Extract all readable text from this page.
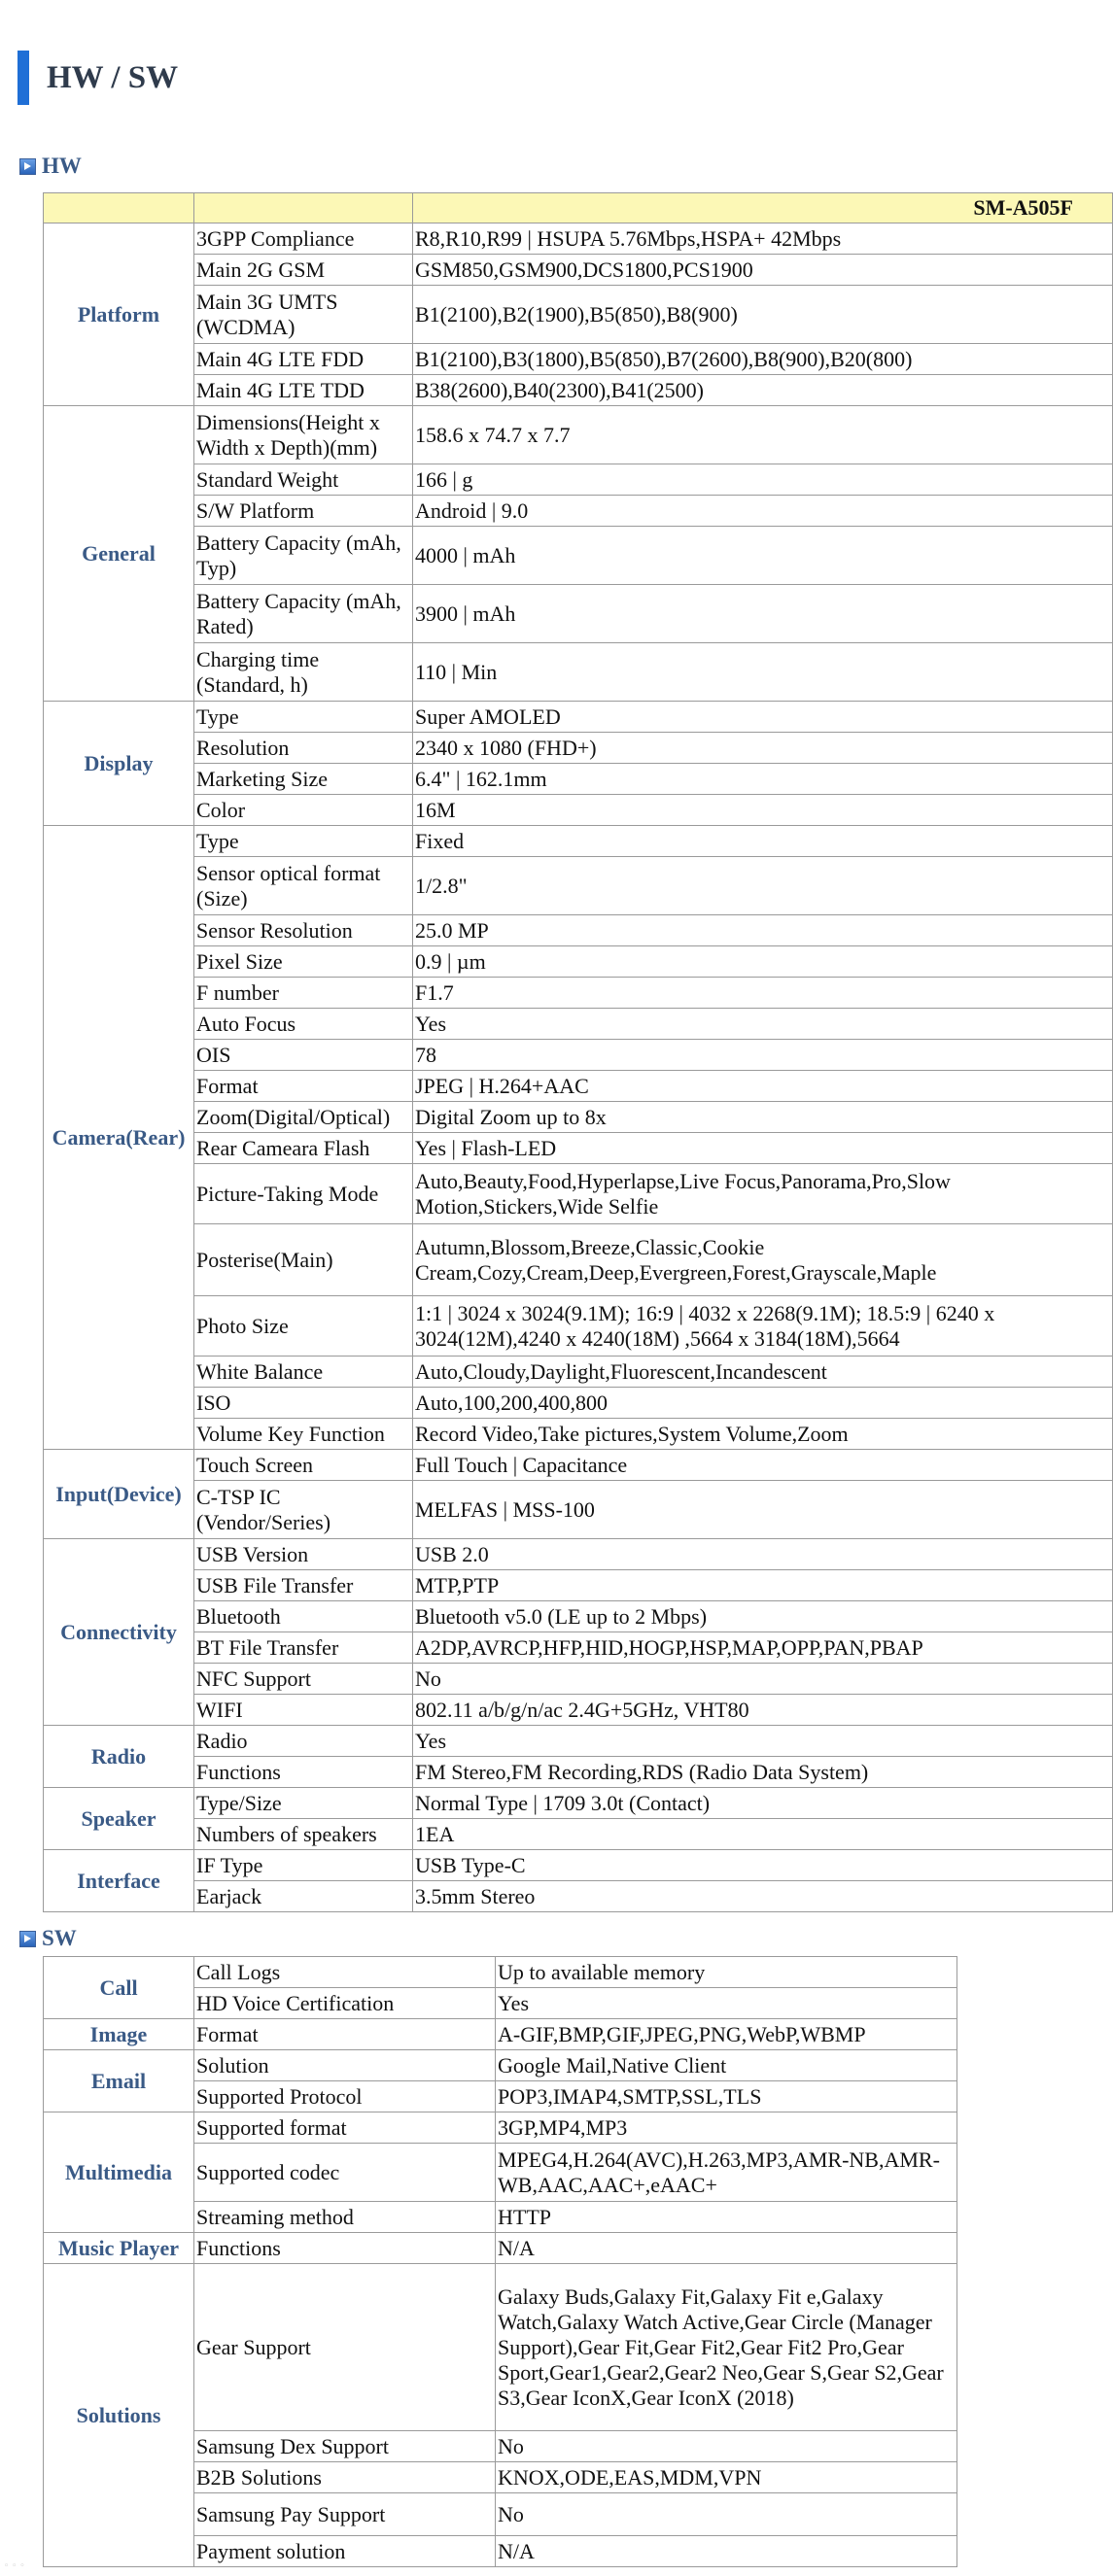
HW / SW
HW
		SM-A505F
Platform	3GPP Compliance	R8,R10,R99 | HSUPA 5.76Mbps,HSPA+ 42Mbps
	Main 2G GSM	GSM850,GSM900,DCS1800,PCS1900
	Main 3G UMTS (WCDMA)	B1(2100),B2(1900),B5(850),B8(900)
	Main 4G LTE FDD	B1(2100),B3(1800),B5(850),B7(2600),B8(900),B20(800)
	Main 4G LTE TDD	B38(2600),B40(2300),B41(2500)
General	Dimensions(Height x Width x Depth)(mm)	158.6 x 74.7 x 7.7
	Standard Weight	166 | g
	S/W Platform	Android | 9.0
	Battery Capacity (mAh, Typ)	4000 | mAh
	Battery Capacity (mAh, Rated)	3900 | mAh
	Charging time (Standard, h)	110 | Min
Display	Type	Super AMOLED
	Resolution	2340 x 1080 (FHD+)
	Marketing Size	6.4" | 162.1mm
	Color	16M
Camera(Rear)	Type	Fixed
	Sensor optical format (Size)	1/2.8"
	Sensor Resolution	25.0 MP
	Pixel Size	0.9 | µm
	F number	F1.7
	Auto Focus	Yes
	OIS	78
	Format	JPEG | H.264+AAC
	Zoom(Digital/Optical)	Digital Zoom up to 8x
	Rear Cameara Flash	Yes | Flash-LED
	Picture-Taking Mode	Auto,Beauty,Food,Hyperlapse,Live Focus,Panorama,Pro,Slow Motion,Stickers,Wide Selfie
	Posterise(Main)	Autumn,Blossom,Breeze,Classic,Cookie Cream,Cozy,Cream,Deep,Evergreen,Forest,Grayscale,Maple
	Photo Size	1:1 | 3024 x 3024(9.1M); 16:9 | 4032 x 2268(9.1M); 18.5:9 | 6240 x 3024(12M),4240 x 4240(18M) ,5664 x 3184(18M),5664
	White Balance	Auto,Cloudy,Daylight,Fluorescent,Incandescent
	ISO	Auto,100,200,400,800
	Volume Key Function	Record Video,Take pictures,System Volume,Zoom
Input(Device)	Touch Screen	Full Touch | Capacitance
	C-TSP IC (Vendor/Series)	MELFAS | MSS-100
Connectivity	USB Version	USB 2.0
	USB File Transfer	MTP,PTP
	Bluetooth	Bluetooth v5.0 (LE up to 2 Mbps)
	BT File Transfer	A2DP,AVRCP,HFP,HID,HOGP,HSP,MAP,OPP,PAN,PBAP
	NFC Support	No
	WIFI	802.11 a/b/g/n/ac 2.4G+5GHz, VHT80
Radio	Radio	Yes
	Functions	FM Stereo,FM Recording,RDS (Radio Data System)
Speaker	Type/Size	Normal Type | 1709 3.0t (Contact)
	Numbers of speakers	1EA
Interface	IF Type	USB Type-C
	Earjack	3.5mm Stereo
SW
Call	Call Logs	Up to available memory
	HD Voice Certification	Yes
Image	Format	A-GIF,BMP,GIF,JPEG,PNG,WebP,WBMP
Email	Solution	Google Mail,Native Client
	Supported Protocol	POP3,IMAP4,SMTP,SSL,TLS
Multimedia	Supported format	3GP,MP4,MP3
	Supported codec	MPEG4,H.264(AVC),H.263,MP3,AMR-NB,AMR-WB,AAC,AAC+,eAAC+
	Streaming method	HTTP
Music Player	Functions	N/A
Solutions	Gear Support	Galaxy Buds,Galaxy Fit,Galaxy Fit e,Galaxy Watch,Galaxy Watch Active,Gear Circle (Manager Support),Gear Fit,Gear Fit2,Gear Fit2 Pro,Gear Sport,Gear1,Gear2,Gear2 Neo,Gear S,Gear S2,Gear S3,Gear IconX,Gear IconX (2018)
	Samsung Dex Support	No
	B2B Solutions	KNOX,ODE,EAS,MDM,VPN
	Samsung Pay Support	No
	Payment solution	N/A
◦ ◦ ◦
